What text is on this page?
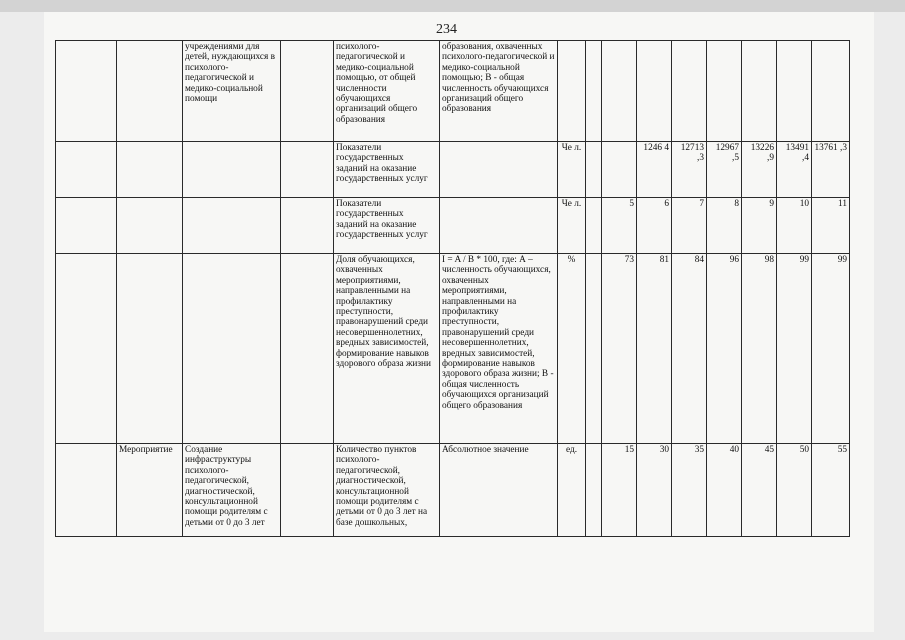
234
		учреждениями для детей, нуждающихся в психолого-педагогической и медико-социальной помощи		психолого-педагогической и медико-социальной помощью, от общей численности обучающихся организаций общего образования	образования, охваченных психолого-педагогической и медико-социальной помощью; В - общая численность обучающихся организаций общего образования									
				Показатели государственных заданий на оказание государственных услуг		Че л.			1246 4	12713 ,3	12967 ,5	13226 ,9	13491 ,4	13761 ,3
				Показатели государственных заданий на оказание государственных услуг		Че л.		5	6	7	8	9	10	11
				Доля обучающихся, охваченных мероприятиями, направленными на профилактику преступности, правонарушений среди несовершеннолетних, вредных зависимостей, формирование навыков здорового образа жизни	I = A / B * 100, где: А – численность обучающихся, охваченных мероприятиями, направленными на профилактику преступности, правонарушений среди несовершеннолетних, вредных зависимостей, формирование навыков здорового образа жизни; В - общая численность обучающихся организаций общего образования	%		73	81	84	96	98	99	99
	Мероприятие	Создание инфраструктуры психолого-педагогической, диагностической, консультационной помощи родителям с детьми от 0 до 3 лет		Количество пунктов психолого-педагогической, диагностической, консультационной помощи родителям с детьми от 0 до 3 лет на базе дошкольных,	Абсолютное значение	ед.		15	30	35	40	45	50	55
